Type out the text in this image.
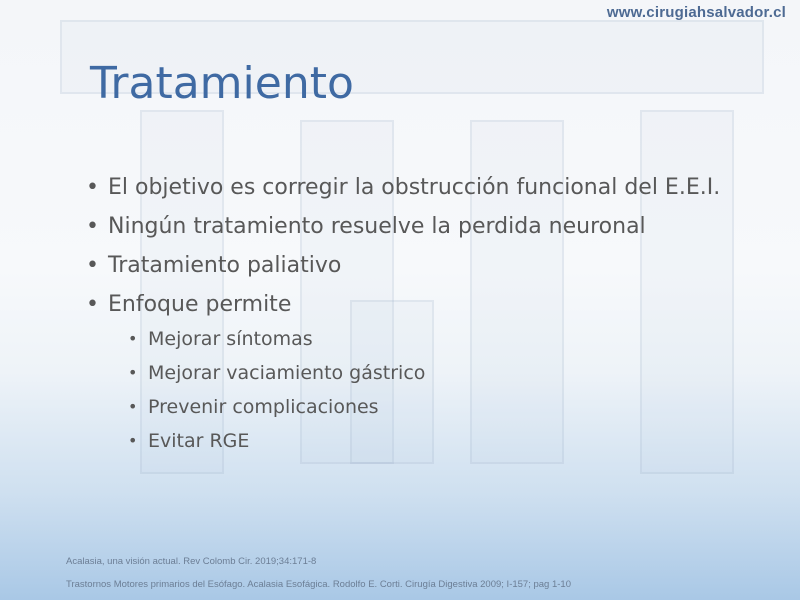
www.cirugiahsalvador.cl
Tratamiento
• El objetivo es corregir la obstrucción funcional del E.E.I.
• Ningún tratamiento resuelve la perdida neuronal
• Tratamiento paliativo
• Enfoque permite
• Mejorar síntomas
• Mejorar vaciamiento gástrico
• Prevenir complicaciones
• Evitar RGE
Acalasia, una visión actual. Rev Colomb Cir. 2019;34:171-8
Trastornos Motores primarios del Esófago. Acalasia Esofágica. Rodolfo E. Corti. Cirugía Digestiva 2009; I-157; pag 1-10
